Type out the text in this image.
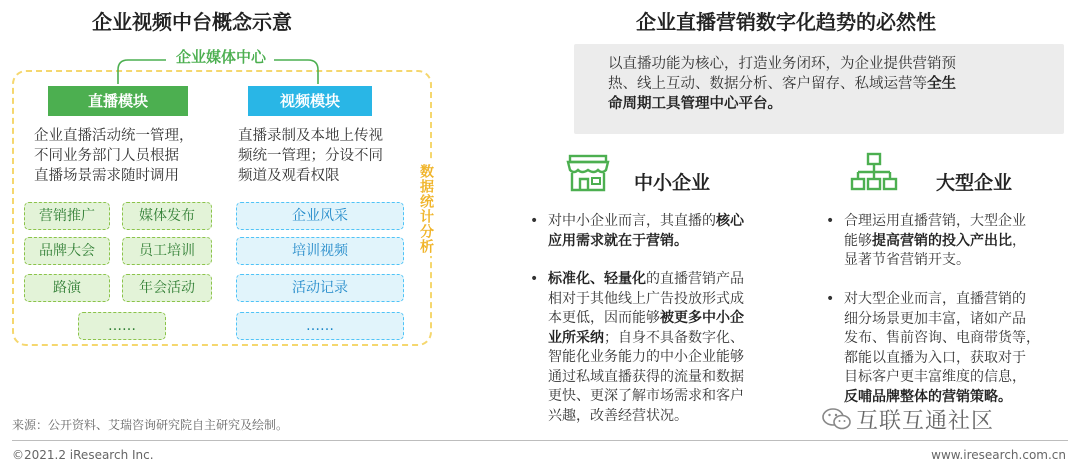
企业视频中台概念示意
企业媒体中心
直播模块	视频模块
企业直播活动统一管理，
不同业务部门人员根据
直播场景需求随时调用
直播录制及本地上传视
频统一管理；分设不同
频道及观看权限
营销推广	媒体发布
品牌大会	员工培训
路演	年会活动
……
企业风采
培训视频
活动记录
……
数据统计分析
企业直播营销数字化趋势的必然性
以直播功能为核心，打造业务闭环，为企业提供营销预
热、线上互动、数据分析、客户留存、私域运营等全生
命周期工具管理中心平台。
中小企业	大型企业
• 对中小企业而言，其直播的核心
应用需求就在于营销。
• 标准化、轻量化的直播营销产品
相对于其他线上广告投放形式成
本更低，因而能够被更多中小企
业所采纳；自身不具备数字化、
智能化业务能力的中小企业能够
通过私域直播获得的流量和数据
更快、更深了解市场需求和客户
兴趣，改善经营状况。
• 合理运用直播营销，大型企业
能够提高营销的投入产出比，
显著节省营销开支。
• 对大型企业而言，直播营销的
细分场景更加丰富，诸如产品
发布、售前咨询、电商带货等，
都能以直播为入口，获取对于
目标客户更丰富维度的信息，
反哺品牌整体的营销策略。
互联互通社区
来源：公开资料、艾瑞咨询研究院自主研究及绘制。
©2021.2 iResearch Inc.	www.iresearch.com.cn
